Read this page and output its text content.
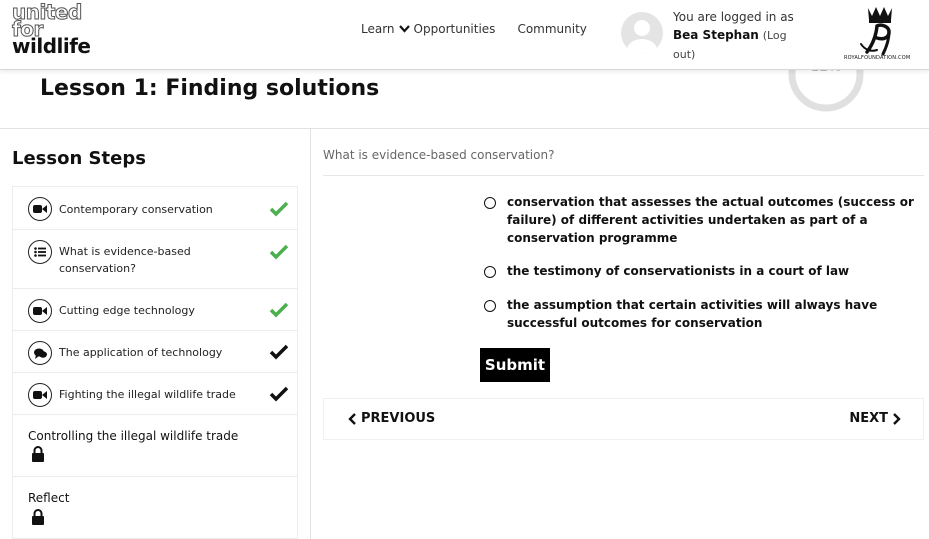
united
for
wildlife
Learn Opportunities Community
You are logged in as
Bea Stephan (Log out)	ROYALFOUNDATION.COM
Lesson 1: Finding solutions
Lesson Steps
Contemporary conservation
What is evidence-based conservation?
Cutting edge technology
The application of technology
Fighting the illegal wildlife trade
Controlling the illegal wildlife trade
Reflect
What is evidence-based conservation?
conservation that assesses the actual outcomes (success or failure) of different activities undertaken as part of a conservation programme
the testimony of conservationists in a court of law
the assumption that certain activities will always have successful outcomes for conservation
Submit
PREVIOUS	NEXT
